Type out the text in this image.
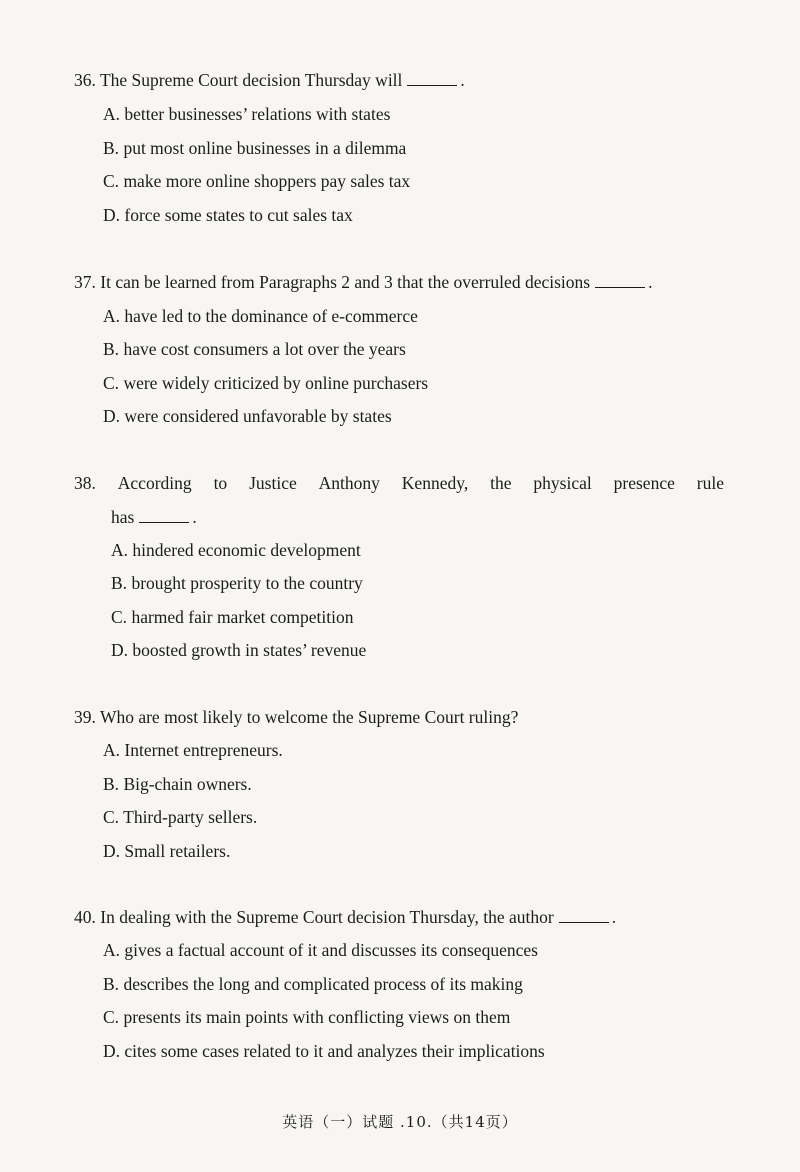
36. The Supreme Court decision Thursday will	.
A. better businesses’ relations with states
B. put most online businesses in a dilemma
C. make more online shoppers pay sales tax
D. force some states to cut sales tax
37. It can be learned from Paragraphs 2 and 3 that the overruled decisions	.
A. have led to the dominance of e-commerce
B. have cost consumers a lot over the years
C. were widely criticized by online purchasers
D. were considered unfavorable by states
38. According to Justice Anthony Kennedy, the physical presence rule
has	.
A. hindered economic development
B. brought prosperity to the country
C. harmed fair market competition
D. boosted growth in states’ revenue
39. Who are most likely to welcome the Supreme Court ruling?
A. Internet entrepreneurs.
B. Big-chain owners.
C. Third-party sellers.
D. Small retailers.
40. In dealing with the Supreme Court decision Thursday, the author	.
A. gives a factual account of it and discusses its consequences
B. describes the long and complicated process of its making
C. presents its main points with conflicting views on them
D. cites some cases related to it and analyzes their implications
英语（一）试题 .10.（共14页）
